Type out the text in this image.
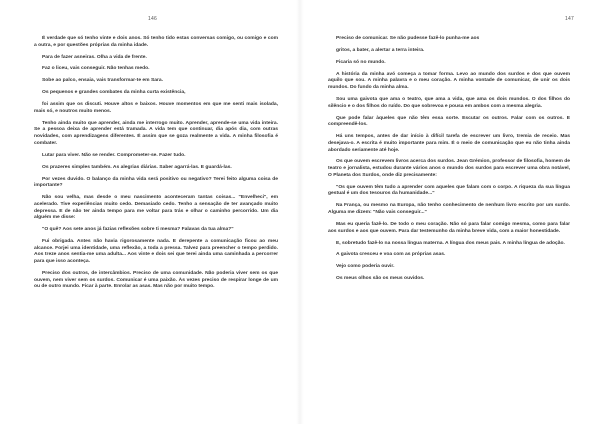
146

É verdade que só tenho vinte e dois anos. Só tenho tido estas conversas comigo, ou comigo e com a outra, e por questões próprias da minha idade.

Para de fazer asneiras. Olha a vida de frente.

Faz o liceu, vais conseguir. Não tenhas medo.

Sobe ao palco, ensaia, vais transformar-te em Sara.

Os pequenos e grandes combates da minha curta existência,

foi assim que os discuti. Houve altos e baixos. Houve momentos em que me senti mais isolada, mais só, e noutros muito menos.

Tenho ainda muito que aprender, ainda me interrogo muito. Aprender, aprende-se uma vida inteira. Se a pessoa deixa de aprender está tramada. A vida tem que continuar, dia após dia, com outras novidades, com aprendizagens diferentes. É assim que se goza realmente a vida. A minha filosofia é combater.

Lutar para viver. Não se render. Comprometer-se. Fazer tudo.

Os prazeres simples também. As alegrias diárias. Saber agarrá-las. E guardá-las.

Por vezes duvido. O balanço da minha vida será positivo ou negativo? Terei feito alguma coisa de importante?

Não sou velha, mas desde o meu nascimento aconteceram tantas coisas... "Envelheci", em acelerado. Tive experiências muito cedo. Demasiado cedo. Tenho a sensação de ter avançado muito depressa. E de não ter ainda tempo para me voltar para trás e olhar o caminho percorrido. Um dia alguém me disse:

"O quê? Aos sete anos já fazias reflexões sobre ti mesma? Falavas da tua alma?"

Fui obrigada. Antes não havia rigorosamente nada. E derepente a comunicação ficou ao meu alcance. Forjei uma identidade, uma reflexão, a toda a pressa. Talvez para preencher o tempo perdido. Aos treze anos sentia-me uma adulta... Aos vinte e dois sei que terei ainda uma caminhada a percorrer para que isso aconteça.

Preciso dos outros, de intercâmbios. Preciso de uma comunidade. Não poderia viver sem os que ouvem, nem viver sem os surdos. Comunicar é uma paixão. Às vezes preciso de respirar longe de um ou de outro mundo. Ficar à parte. Enrolar as asas. Mas não por muito tempo.

147

Preciso de comunicar. Se não pudesse fazê-lo punha-me aos

gritos, a bater, a alertar a terra inteira.

Ficaria só no mundo.

A história da minha avó começa a tomar forma. Levo ao mundo dos surdos e dos que ouvem aquilo que sou. A minha palavra e o meu coração. A minha vontade de comunicar, de unir os dois mundos. Do fundo da minha alma.

Sou uma gaivota que ama o teatro, que ama a vida, que ama os dois mundos. O dos filhos do silêncio e o dos filhos do ruído. Do que sobrevoa e pousa em ambos com a mesma alegria.

Que pode falar àqueles que não têm essa sorte. Escutar os outros. Falar com os outros. E compreendê-los.

Há uns tempos, antes de dar início à difícil tarefa de escrever um livro, tremia de receio. Mas desejava-o. A escrita é muito importante para mim. É o meio de comunicação que eu não tinha ainda abordado seriamente até hoje.

Os que ouvem escrevem livros acerca dos surdos. Jean Grémion, professor de filosofia, homem de teatro e jornalista, estudou durante vários anos o mundo dos surdos para escrever uma obra notável, O Planeta dos Surdos, onde diz precisamente:

"Os que ouvem têm tudo a aprender com aqueles que falam com o corpo. A riqueza da sua língua gestual é um dos tesouros da humanidade..."

Na França, ou mesmo na Europa, não tenho conhecimento de nenhum livro escrito por um surdo. Alguma me dizem: "Não vais conseguir..."

Mas eu queria fazê-lo. De todo o meu coração. Não só para falar comigo mesma, como para falar aos surdos e aos que ouvem. Para dar testemunho da minha breve vida, com a maior honestidade.

E, sobretudo fazê-lo na nossa língua materna. A língua dos meus pais. A minha língua de adoção.

A gaivota cresceu e voa com as próprias asas.

Vejo como poderia ouvir.

Os meus olhos são os meus ouvidos.
